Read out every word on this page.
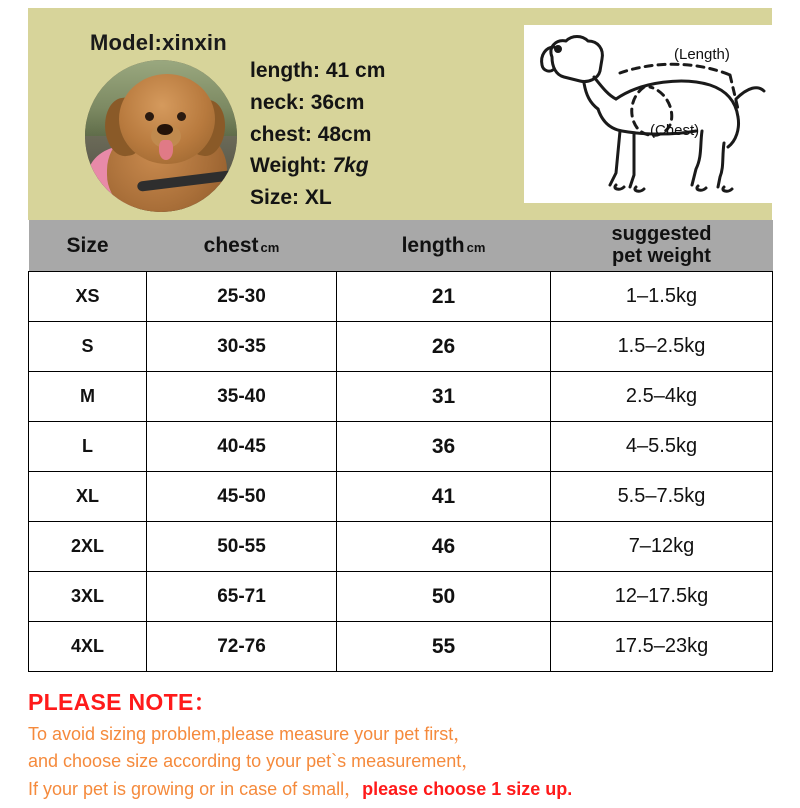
Model:xinxin
length: 41 cm
neck: 36cm
chest: 48cm
Weight: 7kg
Size: XL
(Length)
(Chest)
Size	chest cm	length cm	suggested
pet weight

XS	25-30	21	1–1.5kg
S	30-35	26	1.5–2.5kg
M	35-40	31	2.5–4kg
L	40-45	36	4–5.5kg
XL	45-50	41	5.5–7.5kg
2XL	50-55	46	7–12kg
3XL	65-71	50	12–17.5kg
4XL	72-76	55	17.5–23kg
PLEASE NOTE：
To avoid sizing problem,please measure your pet first，
and choose size according to your pet`s measurement，
If your pet is growing or in case of small，please choose 1 size up.
